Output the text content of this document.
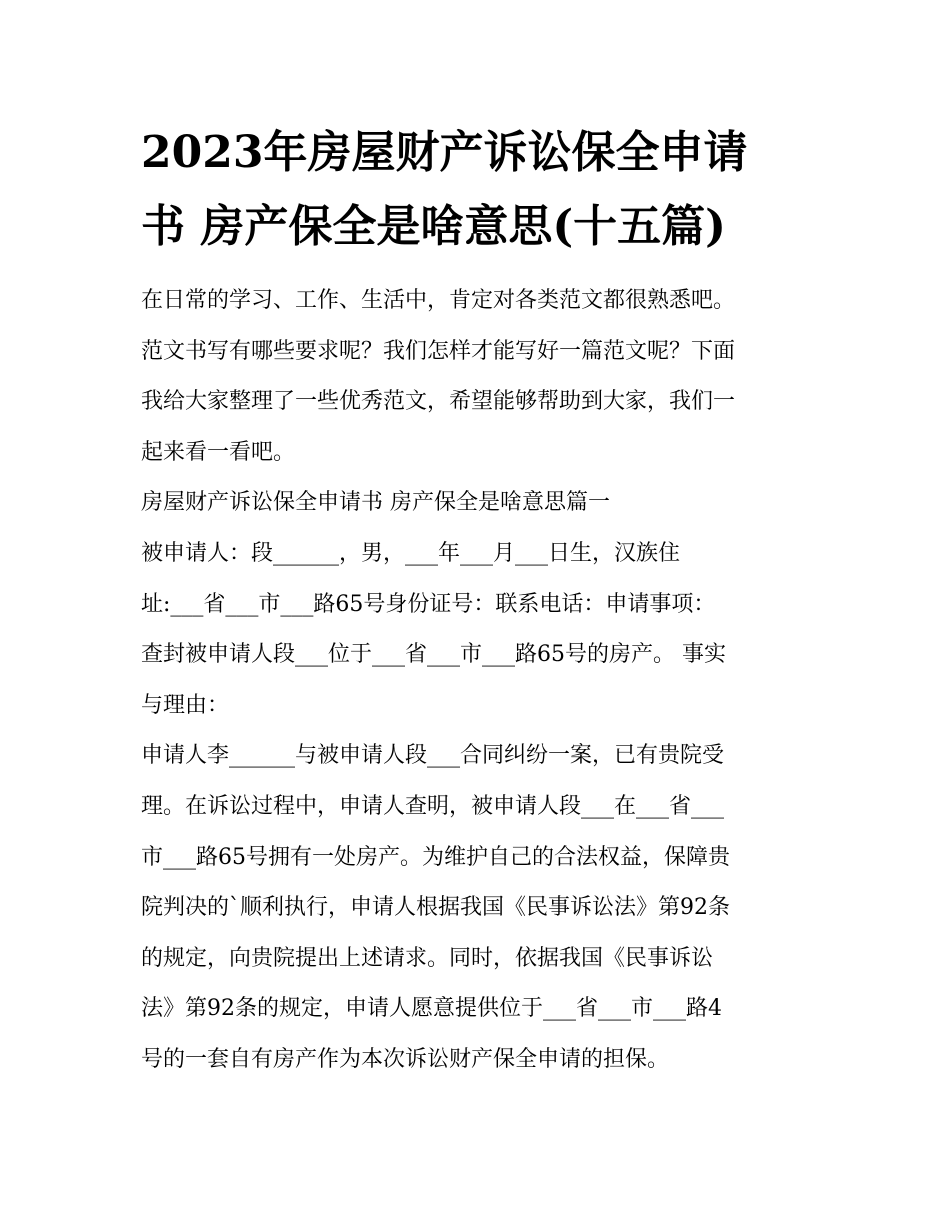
2023年房屋财产诉讼保全申请
书 房产保全是啥意思(十五篇)
在日常的学习、工作、生活中，肯定对各类范文都很熟悉吧。
范文书写有哪些要求呢？我们怎样才能写好一篇范文呢？下面
我给大家整理了一些优秀范文，希望能够帮助到大家，我们一
起来看一看吧。
房屋财产诉讼保全申请书 房产保全是啥意思篇一
被申请人：段______，男，___年___月___日生，汉族住
址:___省___市___路65号身份证号：联系电话：申请事项：
查封被申请人段___位于___省___市___路65号的房产。 事实
与理由：
申请人李______与被申请人段___合同纠纷一案，已有贵院受
理。在诉讼过程中，申请人查明，被申请人段___在___省___
市___路65号拥有一处房产。为维护自己的合法权益，保障贵
院判决的`顺利执行，申请人根据我国《民事诉讼法》第92条
的规定，向贵院提出上述请求。同时，依据我国《民事诉讼
法》第92条的规定，申请人愿意提供位于___省___市___路4
号的一套自有房产作为本次诉讼财产保全申请的担保。
